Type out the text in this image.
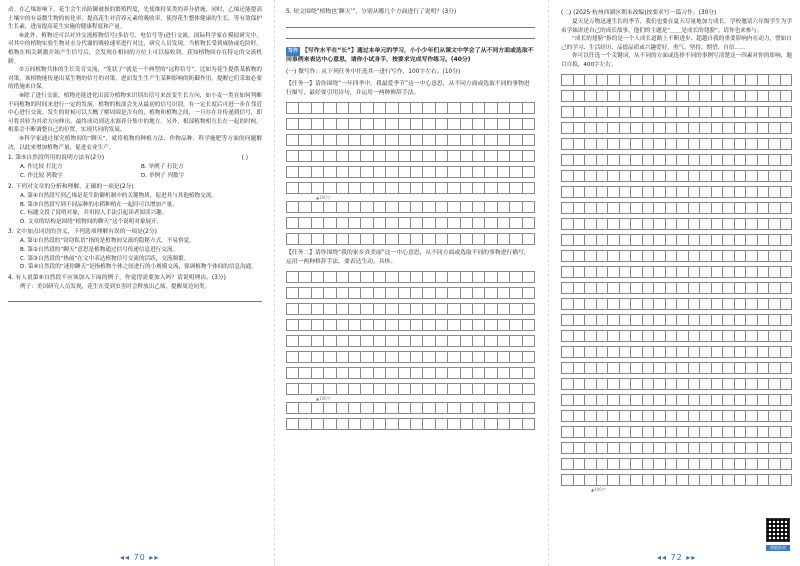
动。在乙烯影响下，花生会生出防御被损的繁殖程度，先使维持某类的养分措施，同时，乙烯还能提高土壤中的有益微生物的转化率，提高花生对营养元素的吸收率，使得花生整体健康的生长，等有效保护生长素，进而提高花生实施的健康程度和产量。

⑥此外，植物还可以对外交流植物信号(多信号、电信号等)进行交流。国际科学家在模拟研究中，对其中的植物实验生物对水分代谢的吸收速率进行对比，研究人员发现，当植物长受到威胁或危险时，植物在相关刺激开始产生信号后，会发现在相同的方位上可以接收到，获知植物间存在特定的交流机制。

⑦万间植物共体的生长发育交流，“笼状子”就是一个典型的“远程信号”，比如为花生提供某植物的对策，该植物能传递出某生物的信号的对策，进而发生生产生某种影响的防御作用，提醒它们采取必要的措施来自保。

⑧除了进行交流，植物还能进化出部分植物来识别出信号来改变生长方向，如小麦一类在如何判断不同植物的时间来进行一定的发展，植物的根部会先从最初的信号识别，有一定长度后可进一步在邻近中心进行交流，发生的时候可以大概了解周围是否有的，植物和植物之间，一旦存在并传递到信号，即可将其转为其余方向伸出，最终成功到达水源养分集中的地方。另外，根部植物相互长在一起的时候，根系会不断调整自己的位置，实现共同的发展。

⑨科学家通过探究植物间的“聊天”，就将植物的种植方法、作物品种、科学施肥等方面的问题解决，以此来增加植物产量，促进农业生产。

1. 第⑤自然段所用的说明方法有(2分)	( )
A. 作比较 打比方	B. 举例子 打比方
C. 作比较 列数字	D. 举例子 列数字
2. 下列对文章的分析和理解，正确的一项是(2分)
A. 第④自然段写到乙烯是花生防御机制中的关键物质，促进其与其他植物交流。
B. 第⑤自然段写到不同品种的水稻种植在一起时可以增加产量。
C. 标题文段了说明对象，并用拟人手法引起读者阅读兴趣。
D. 文章的结构是围绕“植物间的聊天”这个说明对象展开。
3. 文中加点词语的含义，下列选项理解有误的一项是(2分)
A. 第①自然段的“窃窃私语”指的是植物间交流的隐秘方式，不易察觉。
B. 第②自然段的“聊天”意思是植物通过信号传递信息进行交流。
C. 第③自然段的“热闹”在文中表达植物信号交流的活跃，交流频繁。
D. 第④自然段的“迷你聊天”是指植物个体之间进行的小规模交流，强调植物个体间的信息沟通。
4. 有人说第⑨自然段不应该加入下面的例子，你觉得需要加入吗？请说明理由。(3分)
例子：美国研究人员发现，花生在受到虫害时会释放出乙烯，提醒周边同类。
◂◂ 70 ▸▸
5. 短文围绕“植物也‘聊天’”，分别从哪几个方面进行了说明？(3分)
写作 【写作水平在“长”】通过本单元的学习，小小少年们从课文中学会了从不同方面或选取不同事例来表达中心意思，请你小试身手，按要求完成写作练习。(40分)
(一) 微写作：从下列任务中任选其一进行写作，100字左右。(10分)
【任务一】请你围绕“一年四季中，我最爱季节”这一中心意思，从不同方面或选取不同的事物进行描写，最好要引用诗句，并运用一两种修辞手法。
▲100字
【任务二】请你围绕“我的家乡真美丽”这一中心意思，从不同方面或选取不同的事物进行描写，运用一两种修辞手法，要表达生动、具体。
▲100字
(二) (2025·杭州西湖区期末改编)按要求写一篇习作。(30分)

夏天是万物迅速生长的季节，我们也要在夏天尽量地加力成长。学校邀请六年级学生为学弟学妹讲述自己的成长故事，他们的主题是“＿＿是成长的翅膀”。请你也来参与。

“成长的翅膀”指的是一个人成长道路上不断进步、超越自我的重要影响内在动力，譬如自己的学习、生活经历，品德品质或兴趣爱好，勇气、坚持、期望、自信……

你可以任选一个关键词，从不同的方面或选择不同的事例写清楚这一四素对你的影响，题目自拟，400字左右。

▲400字
智能批改
◂◂ 72 ▸▸
